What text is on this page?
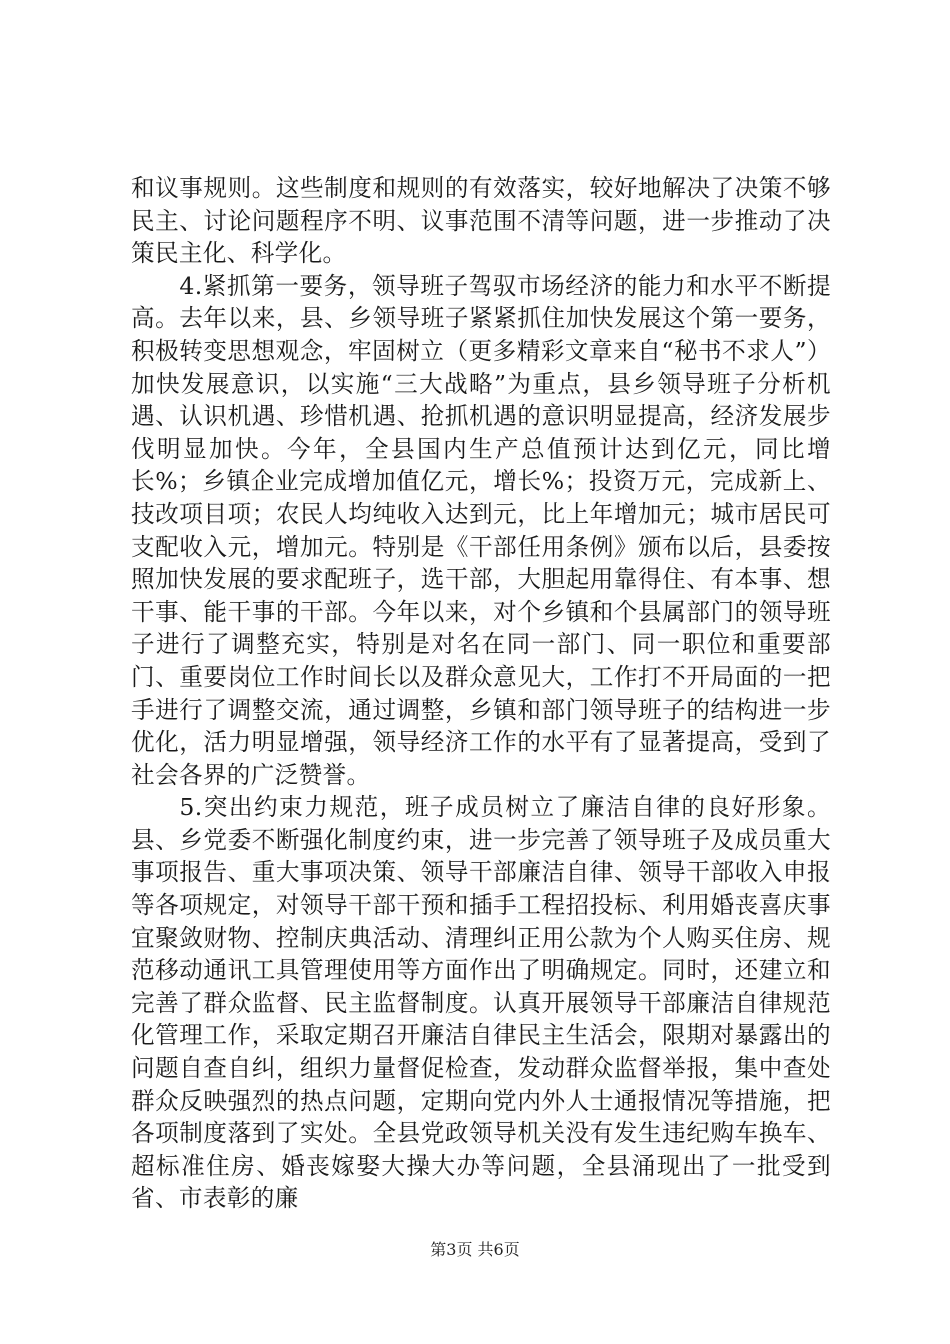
和议事规则。这些制度和规则的有效落实，较好地解决了决策不够民主、讨论问题程序不明、议事范围不清等问题，进一步推动了决策民主化、科学化。

4.紧抓第一要务，领导班子驾驭市场经济的能力和水平不断提高。去年以来，县、乡领导班子紧紧抓住加快发展这个第一要务，积极转变思想观念，牢固树立（更多精彩文章来自“秘书不求人”）加快发展意识，以实施“三大战略”为重点，县乡领导班子分析机遇、认识机遇、珍惜机遇、抢抓机遇的意识明显提高，经济发展步伐明显加快。今年，全县国内生产总值预计达到亿元，同比增长%；乡镇企业完成增加值亿元，增长%；投资万元，完成新上、技改项目项；农民人均纯收入达到元，比上年增加元；城市居民可支配收入元，增加元。特别是《干部任用条例》颁布以后，县委按照加快发展的要求配班子，选干部，大胆起用靠得住、有本事、想干事、能干事的干部。今年以来，对个乡镇和个县属部门的领导班子进行了调整充实，特别是对名在同一部门、同一职位和重要部门、重要岗位工作时间长以及群众意见大，工作打不开局面的一把手进行了调整交流，通过调整，乡镇和部门领导班子的结构进一步优化，活力明显增强，领导经济工作的水平有了显著提高，受到了社会各界的广泛赞誉。

5.突出约束力规范，班子成员树立了廉洁自律的良好形象。县、乡党委不断强化制度约束，进一步完善了领导班子及成员重大事项报告、重大事项决策、领导干部廉洁自律、领导干部收入申报等各项规定，对领导干部干预和插手工程招投标、利用婚丧喜庆事宜聚敛财物、控制庆典活动、清理纠正用公款为个人购买住房、规范移动通讯工具管理使用等方面作出了明确规定。同时，还建立和完善了群众监督、民主监督制度。认真开展领导干部廉洁自律规范化管理工作，采取定期召开廉洁自律民主生活会，限期对暴露出的问题自查自纠，组织力量督促检查，发动群众监督举报，集中查处群众反映强烈的热点问题，定期向党内外人士通报情况等措施，把各项制度落到了实处。全县党政领导机关没有发生违纪购车换车、超标准住房、婚丧嫁娶大操大办等问题，全县涌现出了一批受到省、市表彰的廉

第3页 共6页
